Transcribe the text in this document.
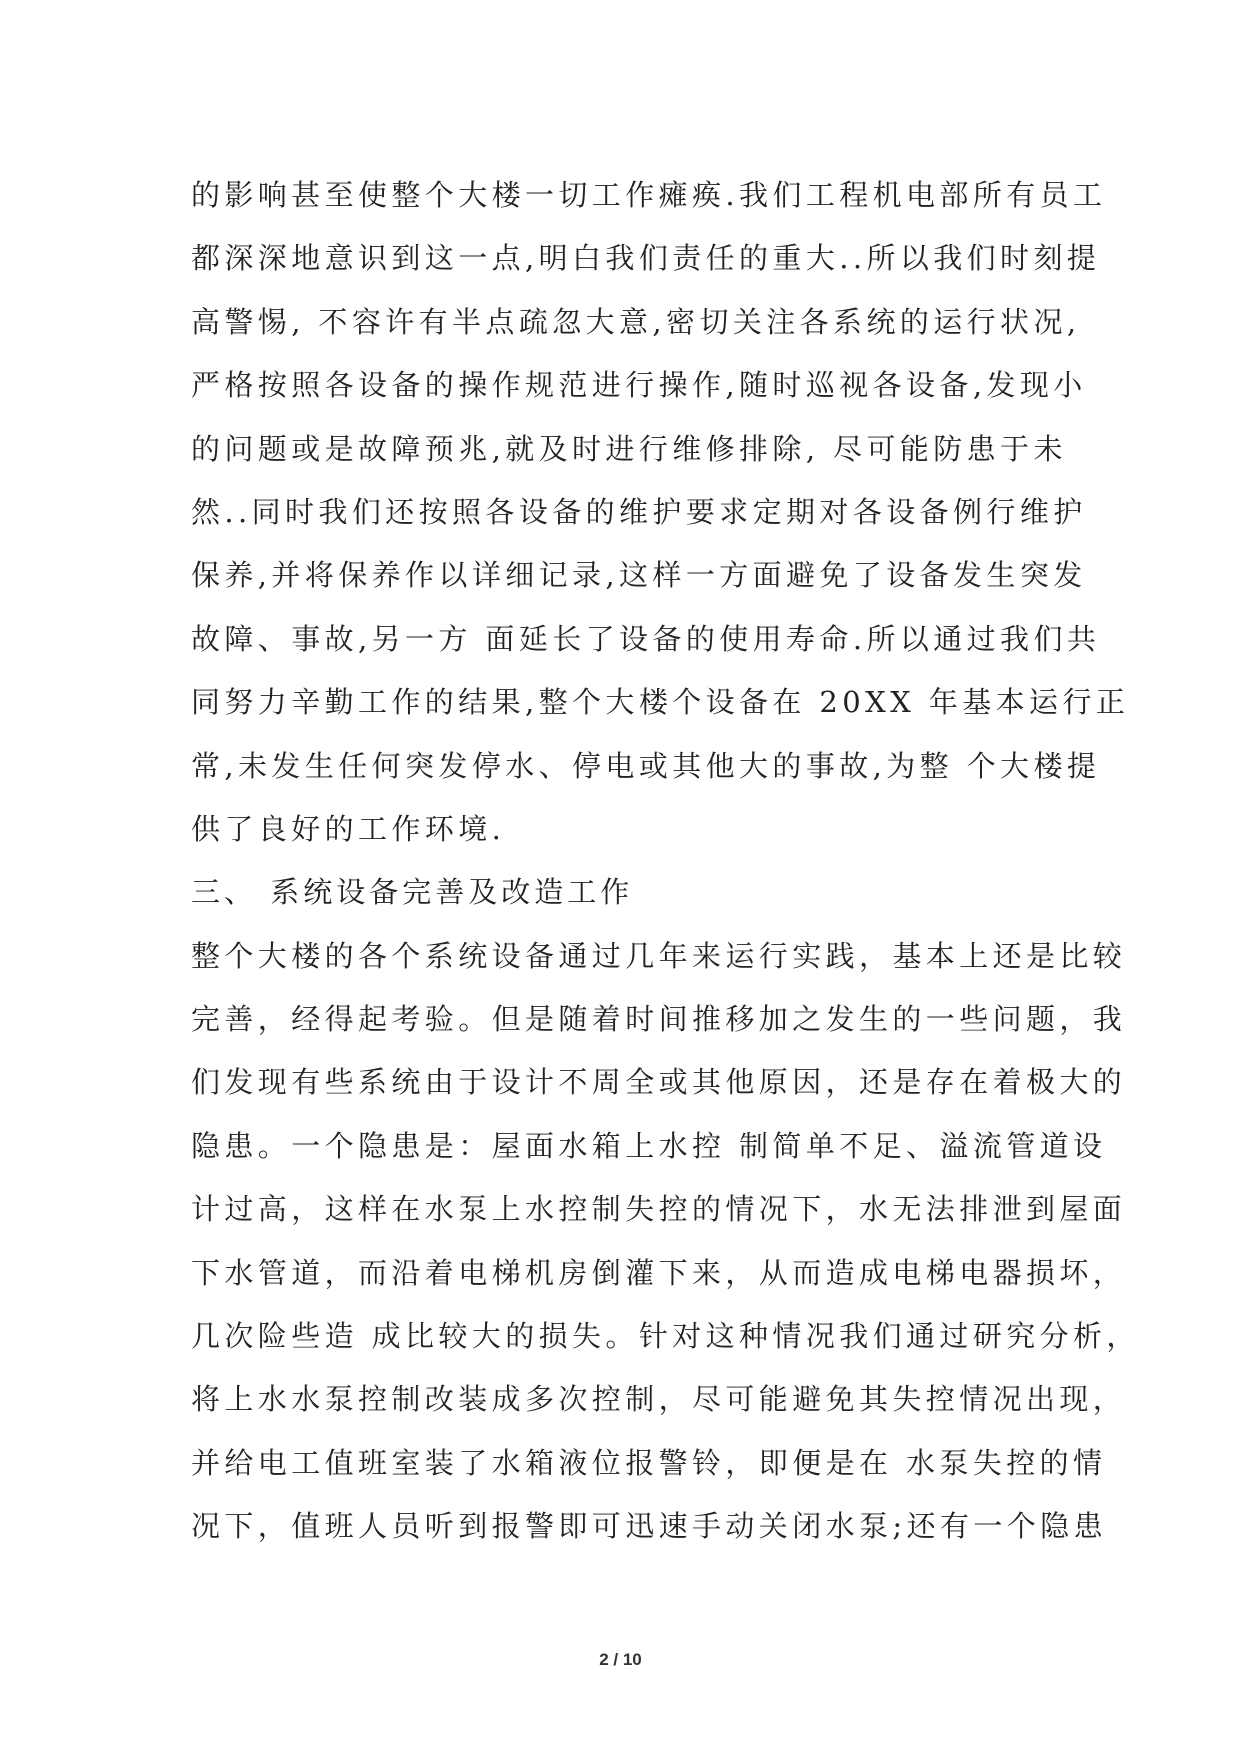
的影响甚至使整个大楼一切工作瘫痪.我们工程机电部所有员工
都深深地意识到这一点,明白我们责任的重大..所以我们时刻提
高警惕, 不容许有半点疏忽大意,密切关注各系统的运行状况,
严格按照各设备的操作规范进行操作,随时巡视各设备,发现小
的问题或是故障预兆,就及时进行维修排除, 尽可能防患于未
然..同时我们还按照各设备的维护要求定期对各设备例行维护
保养,并将保养作以详细记录,这样一方面避免了设备发生突发
故障、事故,另一方 面延长了设备的使用寿命.所以通过我们共
同努力辛勤工作的结果,整个大楼个设备在 20XX 年基本运行正
常,未发生任何突发停水、停电或其他大的事故,为整 个大楼提
供了良好的工作环境.
三、 系统设备完善及改造工作
整个大楼的各个系统设备通过几年来运行实践，基本上还是比较
完善，经得起考验。但是随着时间推移加之发生的一些问题，我
们发现有些系统由于设计不周全或其他原因，还是存在着极大的
隐患。一个隐患是：屋面水箱上水控 制简单不足、溢流管道设
计过高，这样在水泵上水控制失控的情况下，水无法排泄到屋面
下水管道，而沿着电梯机房倒灌下来，从而造成电梯电器损坏，
几次险些造 成比较大的损失。针对这种情况我们通过研究分析，
将上水水泵控制改装成多次控制，尽可能避免其失控情况出现，
并给电工值班室装了水箱液位报警铃，即便是在 水泵失控的情
况下，值班人员听到报警即可迅速手动关闭水泵;还有一个隐患
2 / 10
